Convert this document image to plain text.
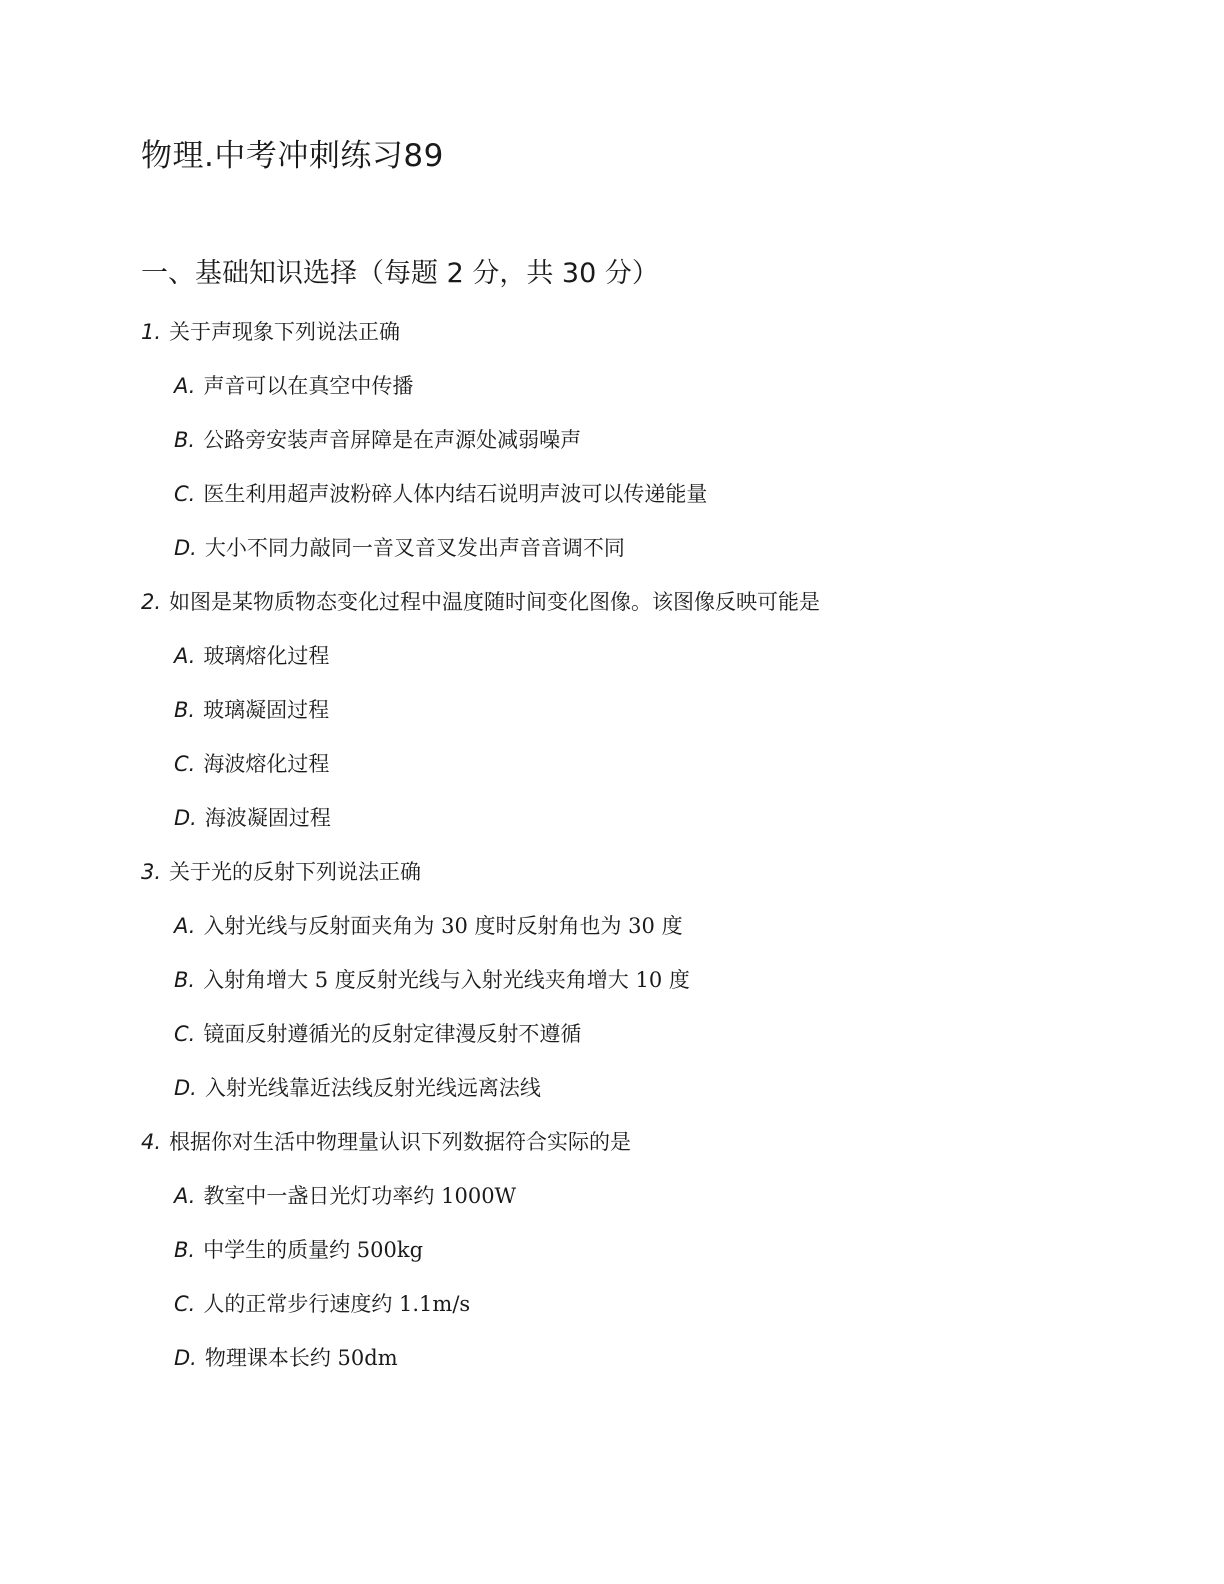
物理.中考冲刺练习89
一、基础知识选择（每题 2 分，共 30 分）
1. 关于声现象下列说法正确
A. 声音可以在真空中传播
B. 公路旁安装声音屏障是在声源处减弱噪声
C. 医生利用超声波粉碎人体内结石说明声波可以传递能量
D. 大小不同力敲同一音叉音叉发出声音音调不同
2. 如图是某物质物态变化过程中温度随时间变化图像。该图像反映可能是
A. 玻璃熔化过程
B. 玻璃凝固过程
C. 海波熔化过程
D. 海波凝固过程
3. 关于光的反射下列说法正确
A. 入射光线与反射面夹角为 30 度时反射角也为 30 度
B. 入射角增大 5 度反射光线与入射光线夹角增大 10 度
C. 镜面反射遵循光的反射定律漫反射不遵循
D. 入射光线靠近法线反射光线远离法线
4. 根据你对生活中物理量认识下列数据符合实际的是
A. 教室中一盏日光灯功率约 1000W
B. 中学生的质量约 500kg
C. 人的正常步行速度约 1.1m/s
D. 物理课本长约 50dm
